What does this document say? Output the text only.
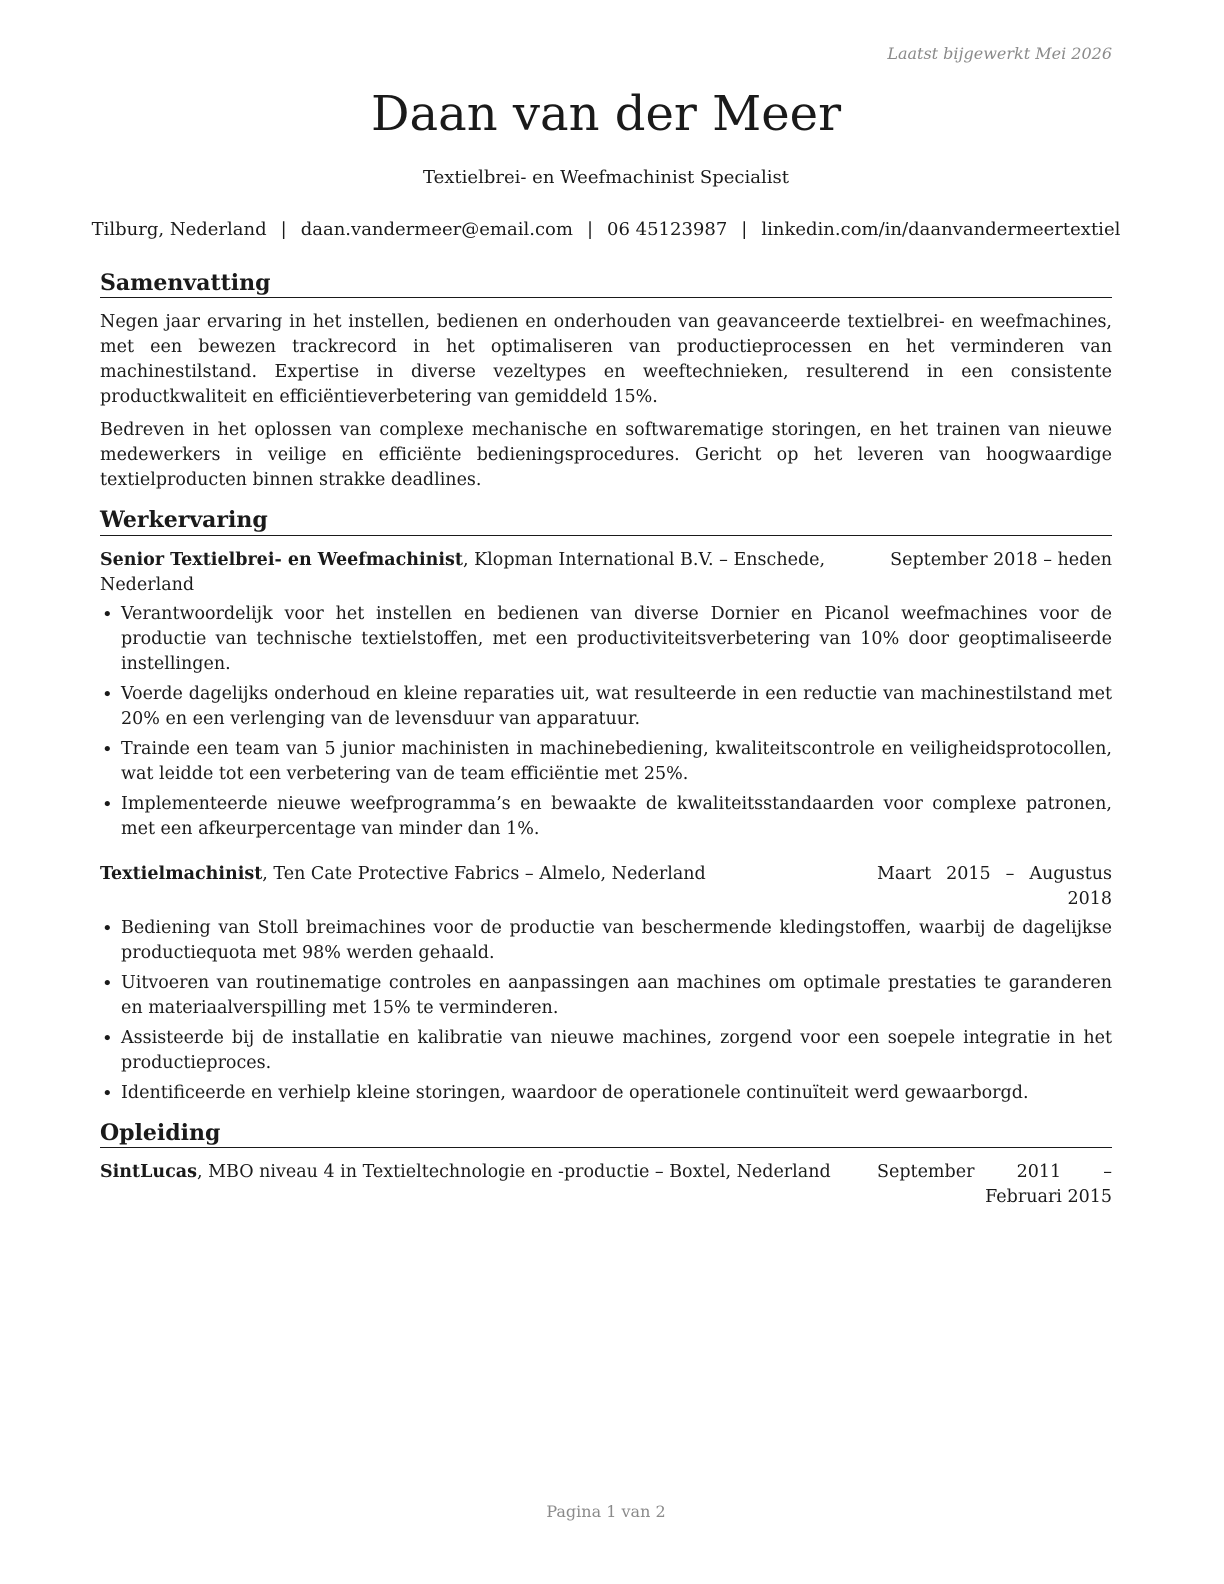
Laatst bijgewerkt Mei 2026

Daan van der Meer

Textielbrei- en Weefmachinist Specialist

Tilburg, Nederland | daan.vandermeer@email.com | 06 45123987 | linkedin.com/in/daanvandermeertextiel

Samenvatting

Negen jaar ervaring in het instellen, bedienen en onderhouden van geavanceerde textielbrei- en weefmachines, met een bewezen trackrecord in het optimaliseren van productieprocessen en het verminderen van machinestilstand. Expertise in diverse vezeltypes en weeftechnieken, resulterend in een consistente productkwaliteit en efficiëntieverbetering van gemiddeld 15%.

Bedreven in het oplossen van complexe mechanische en softwarematige storingen, en het trainen van nieuwe medewerkers in veilige en efficiënte bedieningsprocedures. Gericht op het leveren van hoogwaardige textielproducten binnen strakke deadlines.

Werkervaring
Senior Textielbrei- en Weefmachinist, Klopman International B.V. – Enschede, Nederland
September 2018 – heden
• Verantwoordelijk voor het instellen en bedienen van diverse Dornier en Picanol weefmachines voor de productie van technische textielstoffen, met een productiviteitsverbetering van 10% door geoptimaliseerde instellingen.
• Voerde dagelijks onderhoud en kleine reparaties uit, wat resulteerde in een reductie van machinestilstand met 20% en een verlenging van de levensduur van apparatuur.
• Trainde een team van 5 junior machinisten in machinebediening, kwaliteitscontrole en veiligheidsprotocollen, wat leidde tot een verbetering van de team efficiëntie met 25%.
• Implementeerde nieuwe weefprogramma’s en bewaakte de kwaliteitsstandaarden voor complexe patronen, met een afkeurpercentage van minder dan 1%.
Textielmachinist, Ten Cate Protective Fabrics – Almelo, Nederland	Maart 2015 – Augustus 2018
• Bediening van Stoll breimachines voor de productie van beschermende kledingstoffen, waarbij de dagelijkse productiequota met 98% werden gehaald.
• Uitvoeren van routinematige controles en aanpassingen aan machines om optimale prestaties te garanderen en materiaalverspilling met 15% te verminderen.
• Assisteerde bij de installatie en kalibratie van nieuwe machines, zorgend voor een soepele integratie in het productieproces.
• Identificeerde en verhielp kleine storingen, waardoor de operationele continuïteit werd gewaarborgd.
Opleiding
SintLucas, MBO niveau 4 in Textieltechnologie en -productie – Boxtel, Nederland	September 2011 – Februari 2015

Pagina 1 van 2
